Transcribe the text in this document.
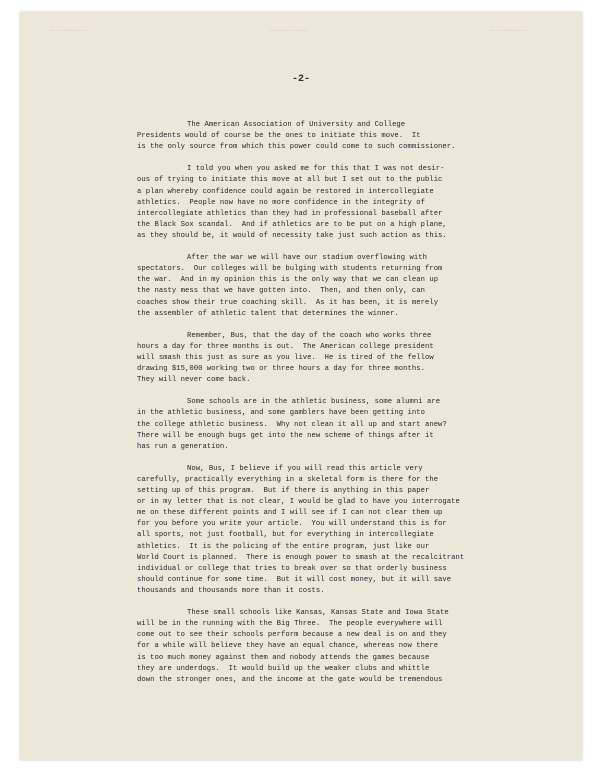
──────	──────	──────
-2-
The American Association of University and College
Presidents would of course be the ones to initiate this move.  It
is the only source from which this power could come to such commissioner.
I told you when you asked me for this that I was not desir-
ous of trying to initiate this move at all but I set out to the public
a plan whereby confidence could again be restored in intercollegiate
athletics.  People now have no more confidence in the integrity of
intercollegiate athletics than they had in professional baseball after
the Black Sox scandal.  And if athletics are to be put on a high plane,
as they should be, it would of necessity take just such action as this.
After the war we will have our stadium overflowing with
spectators.  Our colleges will be bulging with students returning from
the war.  And in my opinion this is the only way that we can clean up
the nasty mess that we have gotten into.  Then, and then only, can
coaches show their true coaching skill.  As it has been, it is merely
the assembler of athletic talent that determines the winner.
Remember, Bus, that the day of the coach who works three
hours a day for three months is out.  The American college president
will smash this just as sure as you live.  He is tired of the fellow
drawing $15,000 working two or three hours a day for three months.
They will never come back.
Some schools are in the athletic business, some alumni are
in the athletic business, and some gamblers have been getting into
the college athletic business.  Why not clean it all up and start anew?
There will be enough bugs get into the new scheme of things after it
has run a generation.
Now, Bus, I believe if you will read this article very
carefully, practically everything in a skeletal form is there for the
setting up of this program.  But if there is anything in this paper
or in my letter that is not clear, I would be glad to have you interrogate
me on these different points and I will see if I can not clear them up
for you before you write your article.  You will understand this is for
all sports, not just football, but for everything in intercollegiate
athletics.  It is the policing of the entire program, just like our
World Court is planned.  There is enough power to smash at the recalcitrant
individual or college that tries to break over so that orderly business
should continue for some time.  But it will cost money, but it will save
thousands and thousands more than it costs.
These small schools like Kansas, Kansas State and Iowa State
will be in the running with the Big Three.  The people everywhere will
come out to see their schools perform because a new deal is on and they
for a while will believe they have an equal chance, whereas now there
is too much money against them and nobody attends the games because
they are underdogs.  It would build up the weaker clubs and whittle
down the stronger ones, and the income at the gate would be tremendous
